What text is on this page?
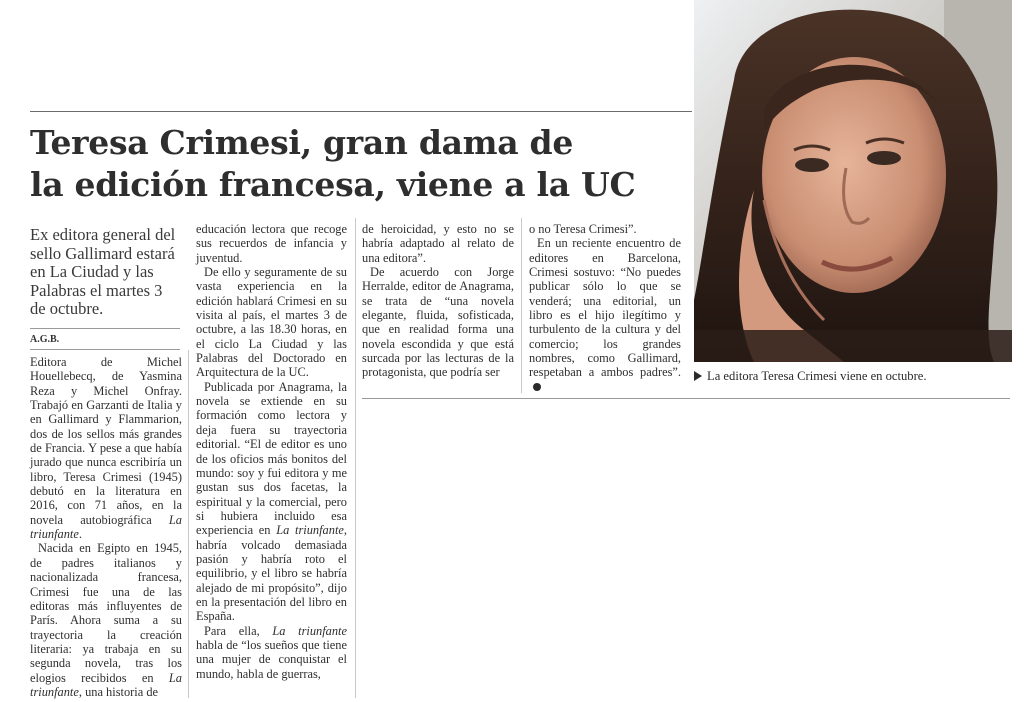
Teresa Crimesi, gran dama de
la edición francesa, viene a la UC
Ex editora general del sello Gallimard estará en La Ciudad y las Palabras el martes 3 de octubre.
A.G.B.

Editora de Michel Houellebecq, de Yasmina Reza y Michel Onfray. Trabajó en Garzanti de Italia y en Gallimard y Flammarion, dos de los sellos más grandes de Francia. Y pese a que había jurado que nunca escribiría un libro, Teresa Crimesi (1945) debutó en la literatura en 2016, con 71 años, en la novela autobiográfica La triunfante.

Nacida en Egipto en 1945, de padres italianos y nacionalizada francesa, Crimesi fue una de las editoras más influyentes de París. Ahora suma a su trayectoria la creación literaria: ya trabaja en su segunda novela, tras los elogios recibidos en La triunfante, una historia de

educación lectora que recoge sus recuerdos de infancia y juventud.

De ello y seguramente de su vasta experiencia en la edición hablará Crimesi en su visita al país, el martes 3 de octubre, a las 18.30 horas, en el ciclo La Ciudad y las Palabras del Doctorado en Arquitectura de la UC.

Publicada por Anagrama, la novela se extiende en su formación como lectora y deja fuera su trayectoria editorial. “El de editor es uno de los oficios más bonitos del mundo: soy y fui editora y me gustan sus dos facetas, la espiritual y la comercial, pero si hubiera incluido esa experiencia en La triunfante, habría volcado demasiada pasión y habría roto el equilibrio, y el libro se habría alejado de mi propósito”, dijo en la presentación del libro en España.

Para ella, La triunfante habla de “los sueños que tiene una mujer de conquistar el mundo, habla de guerras,

de heroicidad, y esto no se habría adaptado al relato de una editora”.

De acuerdo con Jorge Herralde, editor de Anagrama, se trata de “una novela elegante, fluida, sofisticada, que en realidad forma una novela escondida y que está surcada por las lecturas de la protagonista, que podría ser

o no Teresa Crimesi”.

En un reciente encuentro de editores en Barcelona, Crimesi sostuvo: “No puedes publicar sólo lo que se venderá; una editorial, un libro es el hijo ilegítimo y turbulento de la cultura y del comercio; los grandes nombres, como Gallimard, respetaban a ambos padres”.	La editora Teresa Crimesi viene en octubre.
